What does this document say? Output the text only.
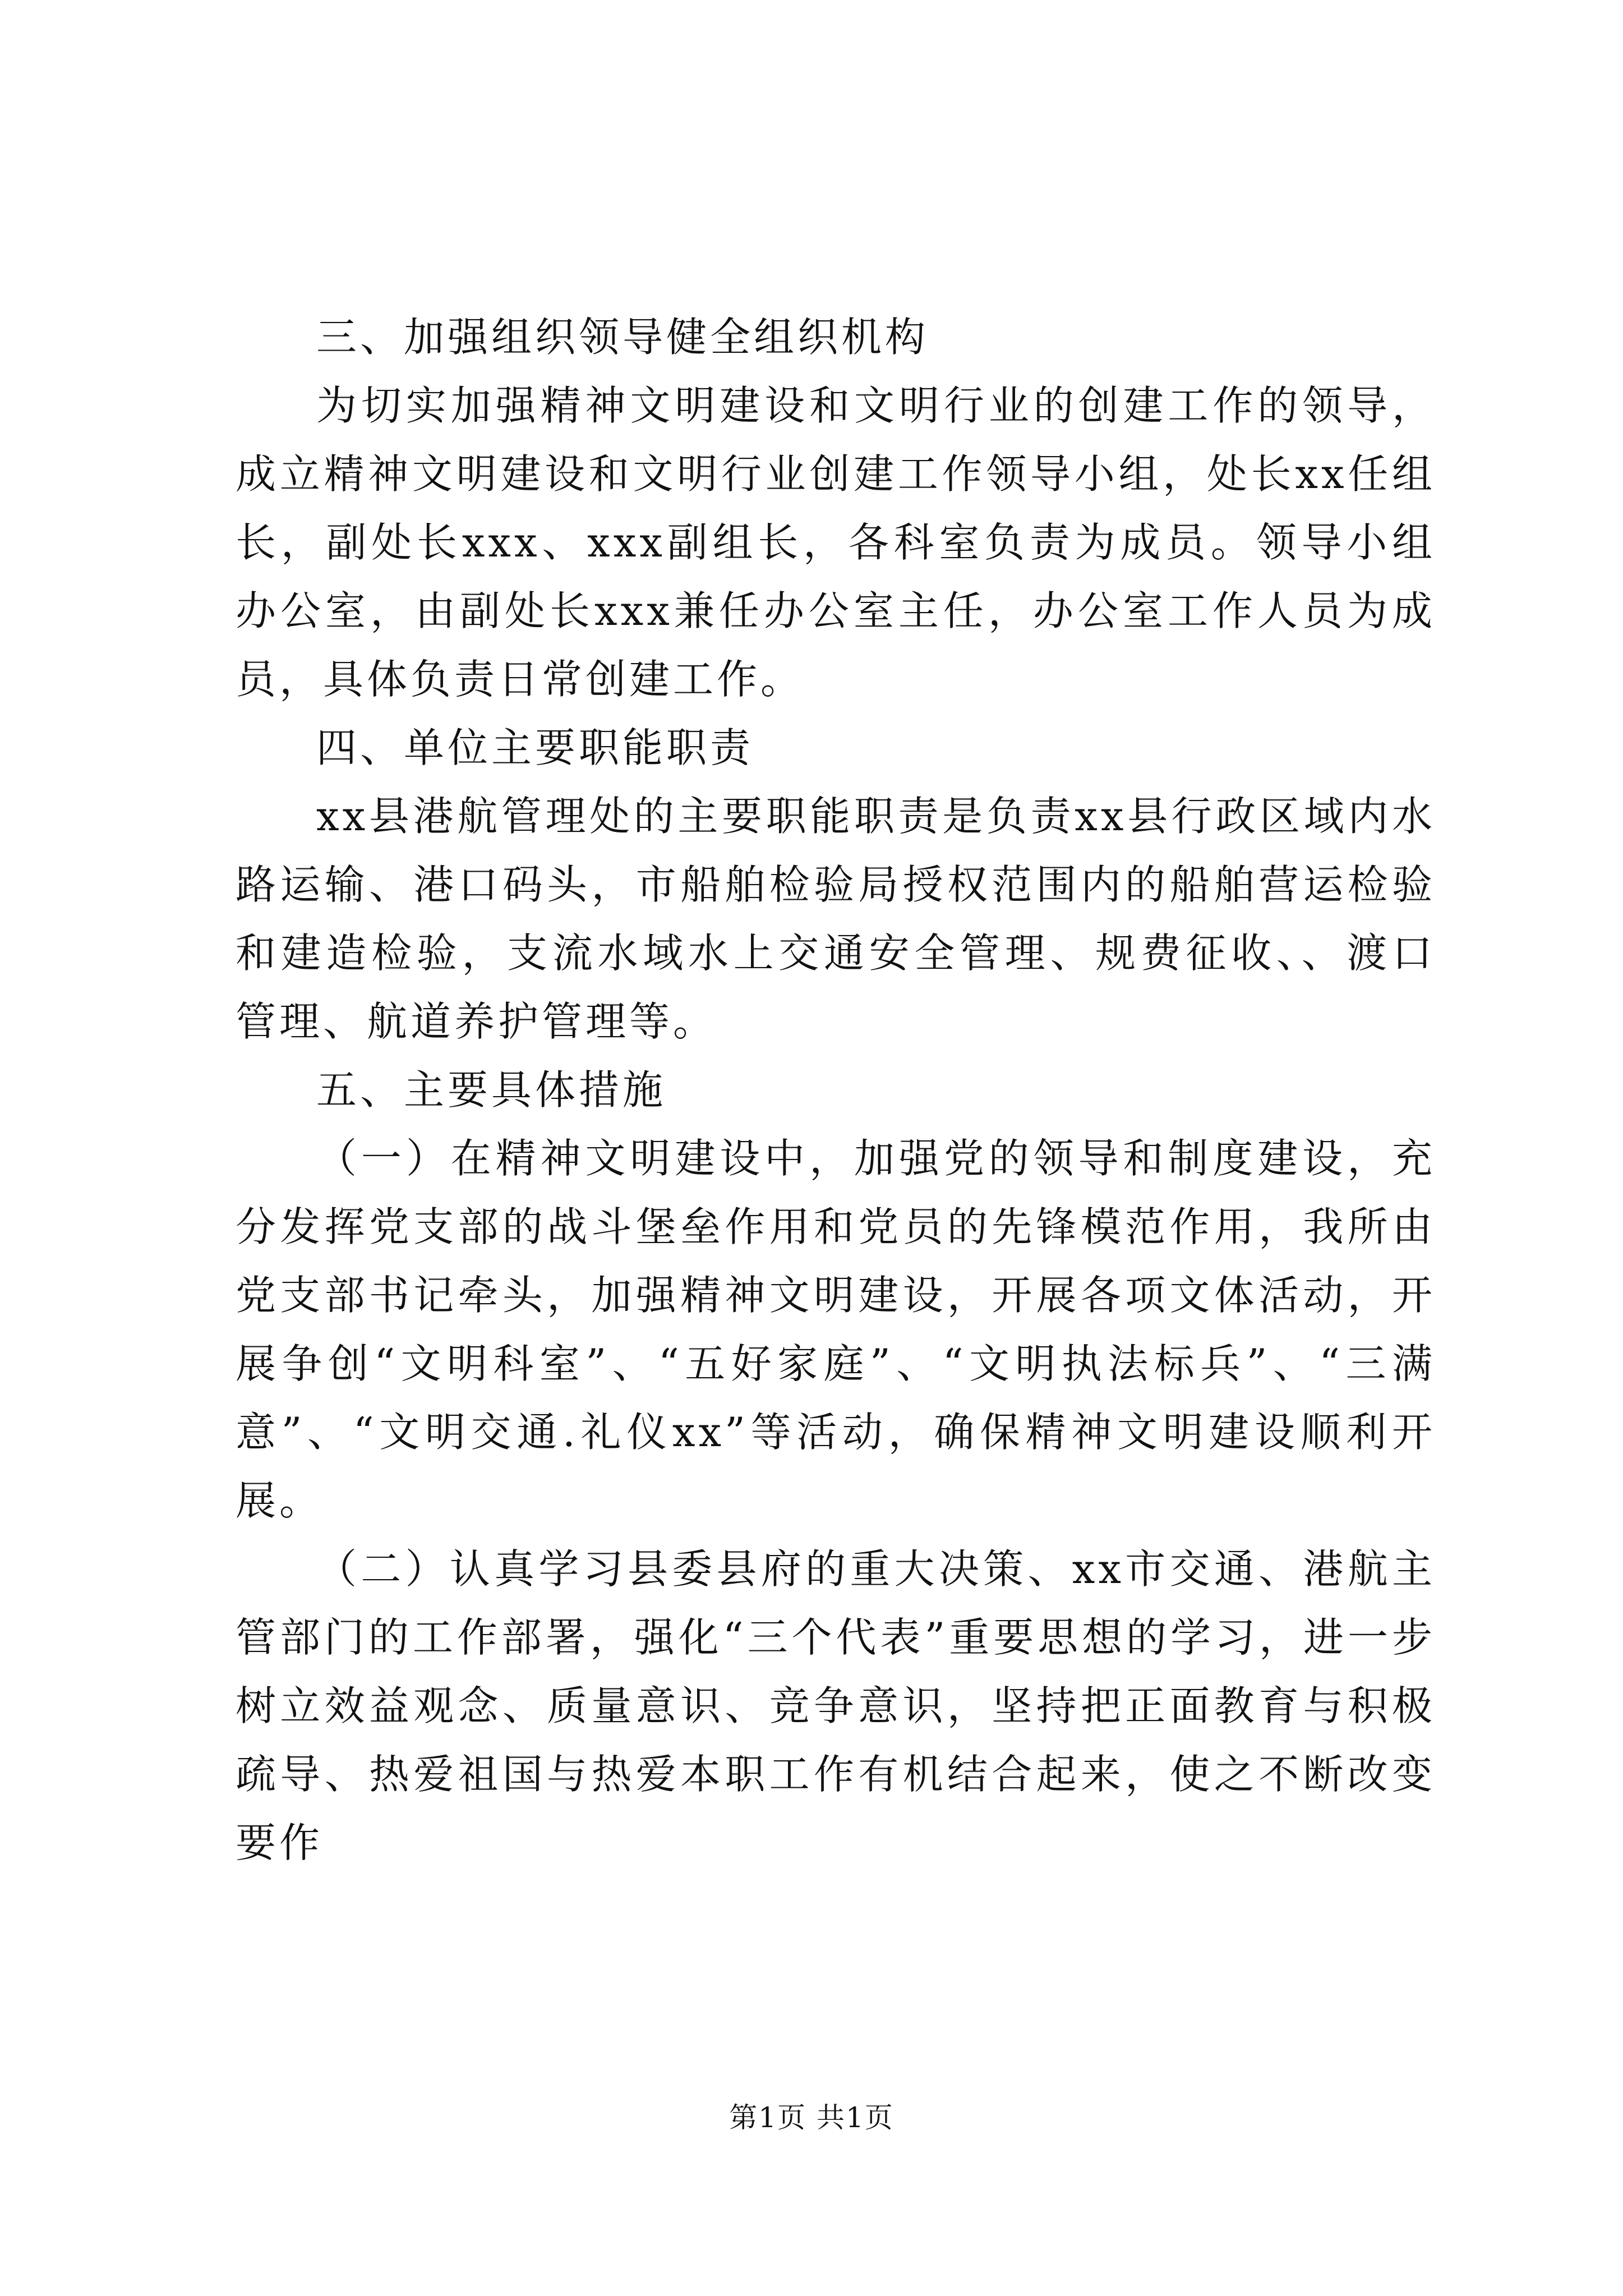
三、加强组织领导健全组织机构

为切实加强精神文明建设和文明行业的创建工作的领导，成立精神文明建设和文明行业创建工作领导小组，处长xx任组长，副处长xxx、xxx副组长，各科室负责为成员。领导小组办公室，由副处长xxx兼任办公室主任，办公室工作人员为成员，具体负责日常创建工作。

四、单位主要职能职责

xx县港航管理处的主要职能职责是负责xx县行政区域内水路运输、港口码头，市船舶检验局授权范围内的船舶营运检验和建造检验，支流水域水上交通安全管理、规费征收、、渡口管理、航道养护管理等。

五、主要具体措施

（一）在精神文明建设中，加强党的领导和制度建设，充分发挥党支部的战斗堡垒作用和党员的先锋模范作用，我所由党支部书记牵头，加强精神文明建设，开展各项文体活动，开展争创“文明科室”、“五好家庭”、“文明执法标兵”、“三满意”、“文明交通.礼仪xx”等活动，确保精神文明建设顺利开展。

（二）认真学习县委县府的重大决策、xx市交通、港航主管部门的工作部署，强化“三个代表”重要思想的学习，进一步树立效益观念、质量意识、竞争意识，坚持把正面教育与积极疏导、热爱祖国与热爱本职工作有机结合起来，使之不断改变要作

第1页 共1页
